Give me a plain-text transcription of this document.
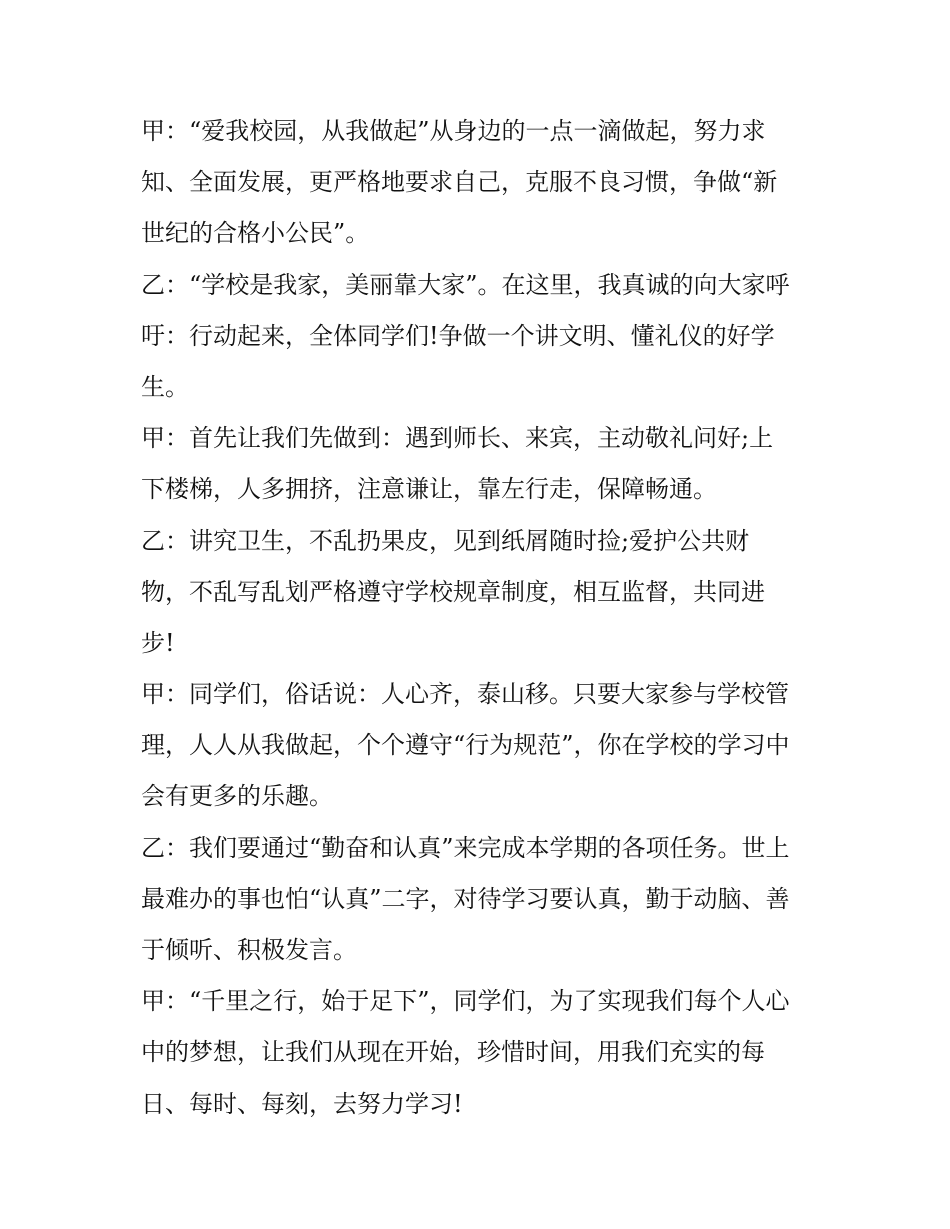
甲：“爱我校园，从我做起”从身边的一点一滴做起，努力求
知、全面发展，更严格地要求自己，克服不良习惯，争做“新
世纪的合格小公民”。
乙：“学校是我家，美丽靠大家”。在这里，我真诚的向大家呼
吁：行动起来，全体同学们!争做一个讲文明、懂礼仪的好学
生。
甲：首先让我们先做到：遇到师长、来宾，主动敬礼问好;上
下楼梯，人多拥挤，注意谦让，靠左行走，保障畅通。
乙：讲究卫生，不乱扔果皮，见到纸屑随时捡;爱护公共财
物，不乱写乱划严格遵守学校规章制度，相互监督，共同进
步!
甲：同学们，俗话说：人心齐，泰山移。只要大家参与学校管
理，人人从我做起，个个遵守“行为规范”，你在学校的学习中
会有更多的乐趣。
乙：我们要通过“勤奋和认真”来完成本学期的各项任务。世上
最难办的事也怕“认真”二字，对待学习要认真，勤于动脑、善
于倾听、积极发言。
甲：“千里之行，始于足下”，同学们，为了实现我们每个人心
中的梦想，让我们从现在开始，珍惜时间，用我们充实的每
日、每时、每刻，去努力学习!
